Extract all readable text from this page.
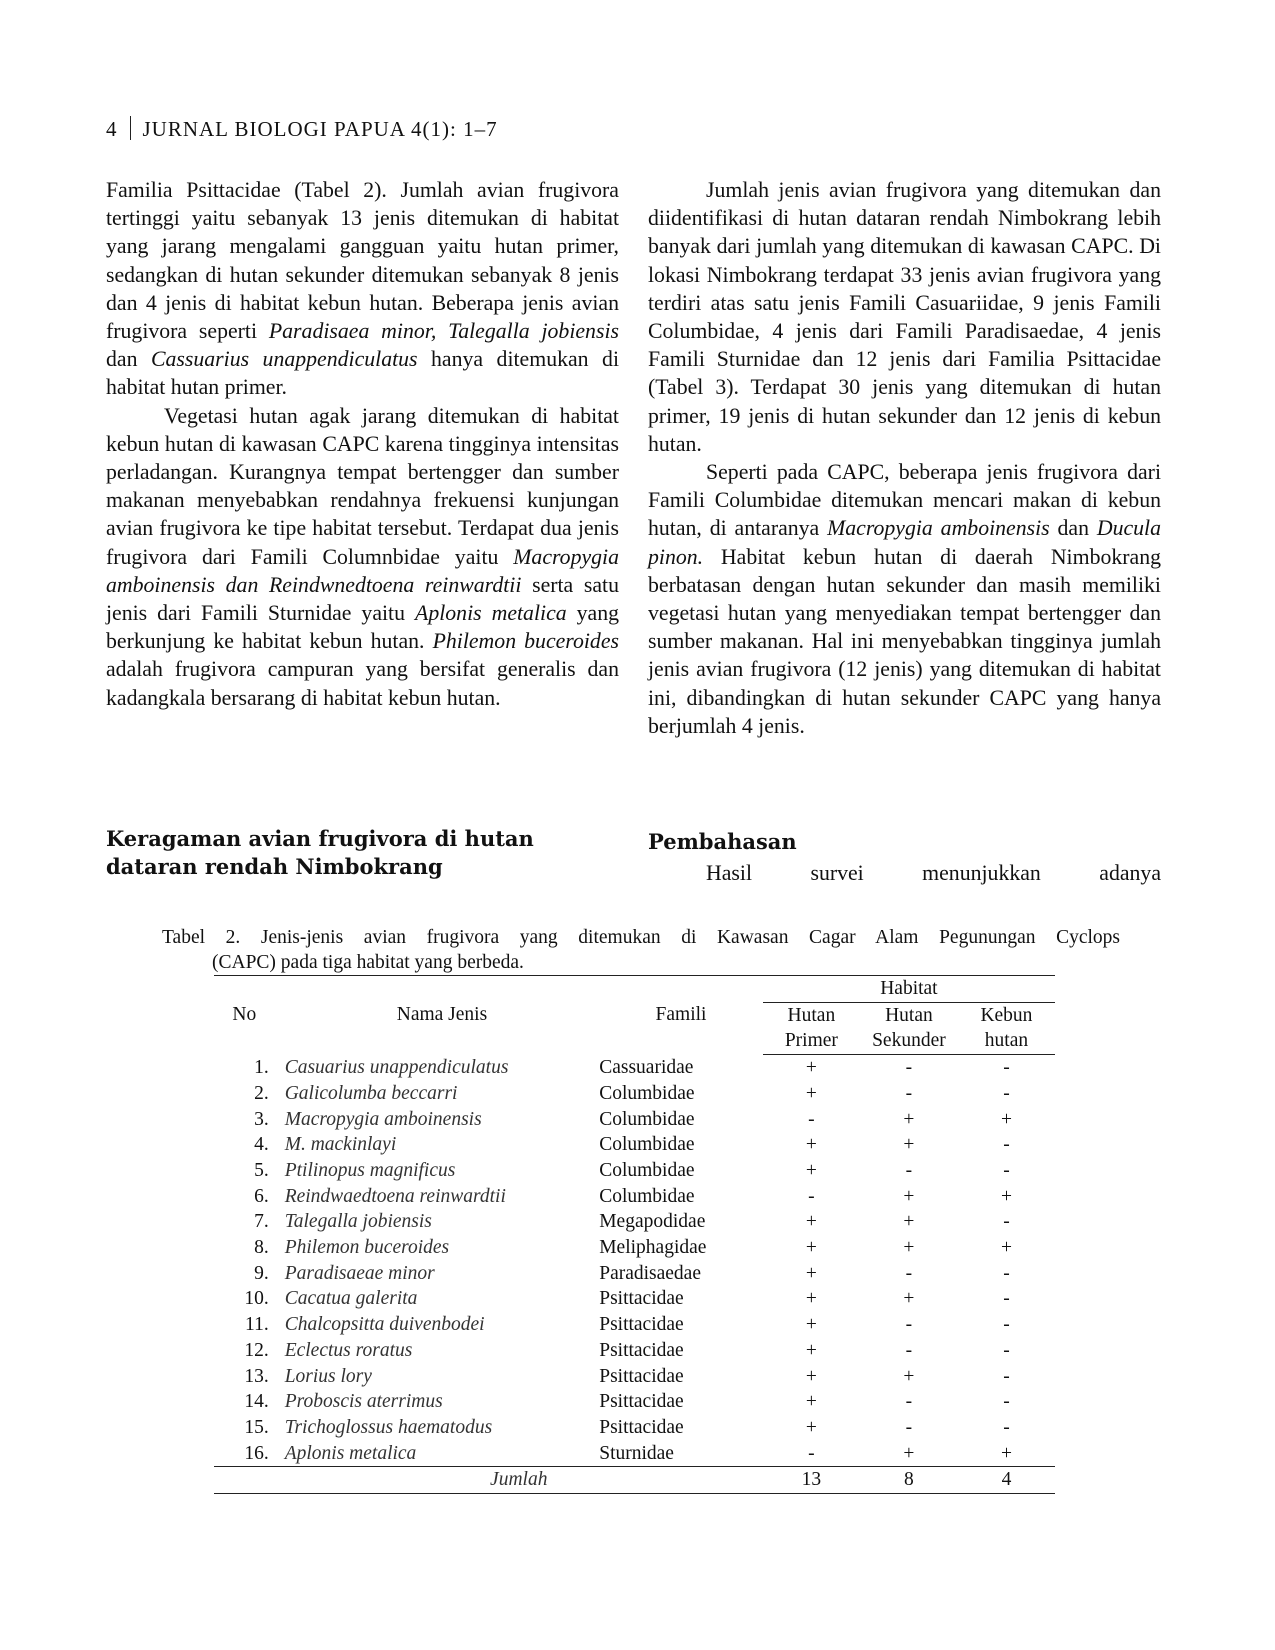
4 JURNAL BIOLOGI PAPUA 4(1): 1–7

Familia Psittacidae (Tabel 2). Jumlah avian frugivora tertinggi yaitu sebanyak 13 jenis ditemukan di habitat yang jarang mengalami gangguan yaitu hutan primer, sedangkan di hutan sekunder ditemukan sebanyak 8 jenis dan 4 jenis di habitat kebun hutan. Beberapa jenis avian frugivora seperti Paradisaea minor, Talegalla jobiensis dan Cassuarius unappendiculatus hanya ditemukan di habitat hutan primer.

Vegetasi hutan agak jarang ditemukan di habitat kebun hutan di kawasan CAPC karena tingginya intensitas perladangan. Kurangnya tempat bertengger dan sumber makanan menyebabkan rendahnya frekuensi kunjungan avian frugivora ke tipe habitat tersebut. Terdapat dua jenis frugivora dari Famili Columnbidae yaitu Macropygia amboinensis dan Reindwnedtoena reinwardtii serta satu jenis dari Famili Sturnidae yaitu Aplonis metalica yang berkunjung ke habitat kebun hutan. Philemon buceroides adalah frugivora campuran yang bersifat generalis dan kadangkala bersarang di habitat kebun hutan.

Keragaman avian frugivora di hutan dataran rendah Nimbokrang

Jumlah jenis avian frugivora yang ditemukan dan diidentifikasi di hutan dataran rendah Nimbokrang lebih banyak dari jumlah yang ditemukan di kawasan CAPC. Di lokasi Nimbokrang terdapat 33 jenis avian frugivora yang terdiri atas satu jenis Famili Casuariidae, 9 jenis Famili Columbidae, 4 jenis dari Famili Paradisaedae, 4 jenis Famili Sturnidae dan 12 jenis dari Familia Psittacidae (Tabel 3). Terdapat 30 jenis yang ditemukan di hutan primer, 19 jenis di hutan sekunder dan 12 jenis di kebun hutan.

Seperti pada CAPC, beberapa jenis frugivora dari Famili Columbidae ditemukan mencari makan di kebun hutan, di antaranya Macropygia amboinensis dan Ducula pinon. Habitat kebun hutan di daerah Nimbokrang berbatasan dengan hutan sekunder dan masih memiliki vegetasi hutan yang menyediakan tempat bertengger dan sumber makanan. Hal ini menyebabkan tingginya jumlah jenis avian frugivora (12 jenis) yang ditemukan di habitat ini, dibandingkan di hutan sekunder CAPC yang hanya berjumlah 4 jenis.

Pembahasan

Hasil survei menunjukkan adanya

Tabel 2. Jenis-jenis avian frugivora yang ditemukan di Kawasan Cagar Alam Pegunungan Cyclops
(CAPC) pada tiga habitat yang berbeda.
No	Nama Jenis	Famili	Habitat		
			Hutan	Hutan	Kebun
			Primer	Sekunder	hutan
1.	Casuarius unappendiculatus	Cassuaridae	+	-	-
2.	Galicolumba beccarri	Columbidae	+	-	-
3.	Macropygia amboinensis	Columbidae	-	+	+
4.	M. mackinlayi	Columbidae	+	+	-
5.	Ptilinopus magnificus	Columbidae	+	-	-
6.	Reindwaedtoena reinwardtii	Columbidae	-	+	+
7.	Talegalla jobiensis	Megapodidae	+	+	-
8.	Philemon buceroides	Meliphagidae	+	+	+
9.	Paradisaeae minor	Paradisaedae	+	-	-
10.	Cacatua galerita	Psittacidae	+	+	-
11.	Chalcopsitta duivenbodei	Psittacidae	+	-	-
12.	Eclectus roratus	Psittacidae	+	-	-
13.	Lorius lory	Psittacidae	+	+	-
14.	Proboscis aterrimus	Psittacidae	+	-	-
15.	Trichoglossus haematodus	Psittacidae	+	-	-
16.	Aplonis metalica	Sturnidae	-	+	+
	Jumlah		13	8	4
